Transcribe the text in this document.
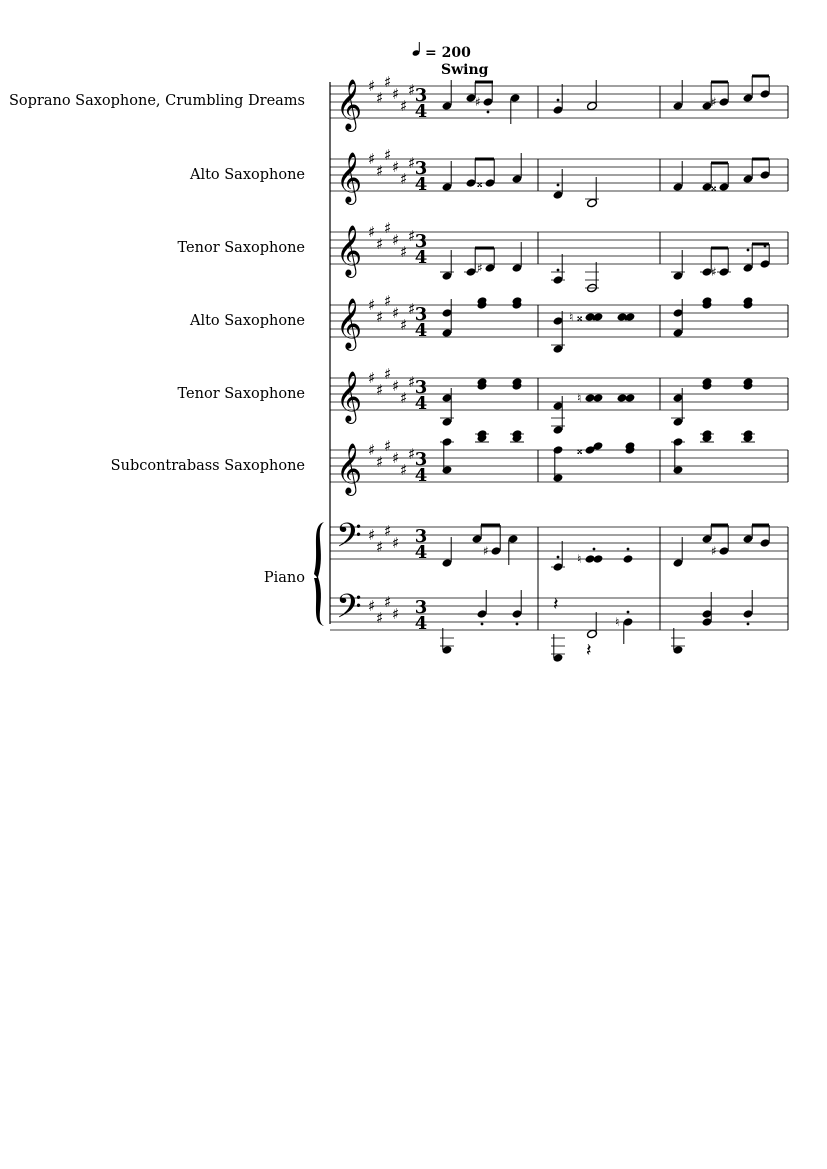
= 200
Swing
Soprano Saxophone, Crumbling Dreams
Alto Saxophone
Tenor Saxophone
Alto Saxophone
Tenor Saxophone
Subcontrabass Saxophone
Piano
♯	♯
𝄪	𝄪
♯	♯
𝄪
♮
♮
𝄪
♯
♮
♯
𝄽
𝄽
♮
𝄞 ♯
♯
♯
♯
♯
♯ 3
4
𝄞 ♯
♯
♯
♯
♯
♯ 3
4
𝄞 ♯
♯
♯
♯
♯
♯ 3
4
𝄞 ♯
♯
♯
♯
♯
♯ 3
4
𝄞 ♯
♯
♯
♯
♯
♯ 3
4
𝄞 ♯
♯
♯
♯
♯
♯ 3
4
𝄢 ♯
♯
♯
♯ 3
4
𝄢 ♯
♯
♯
♯ 3
4
